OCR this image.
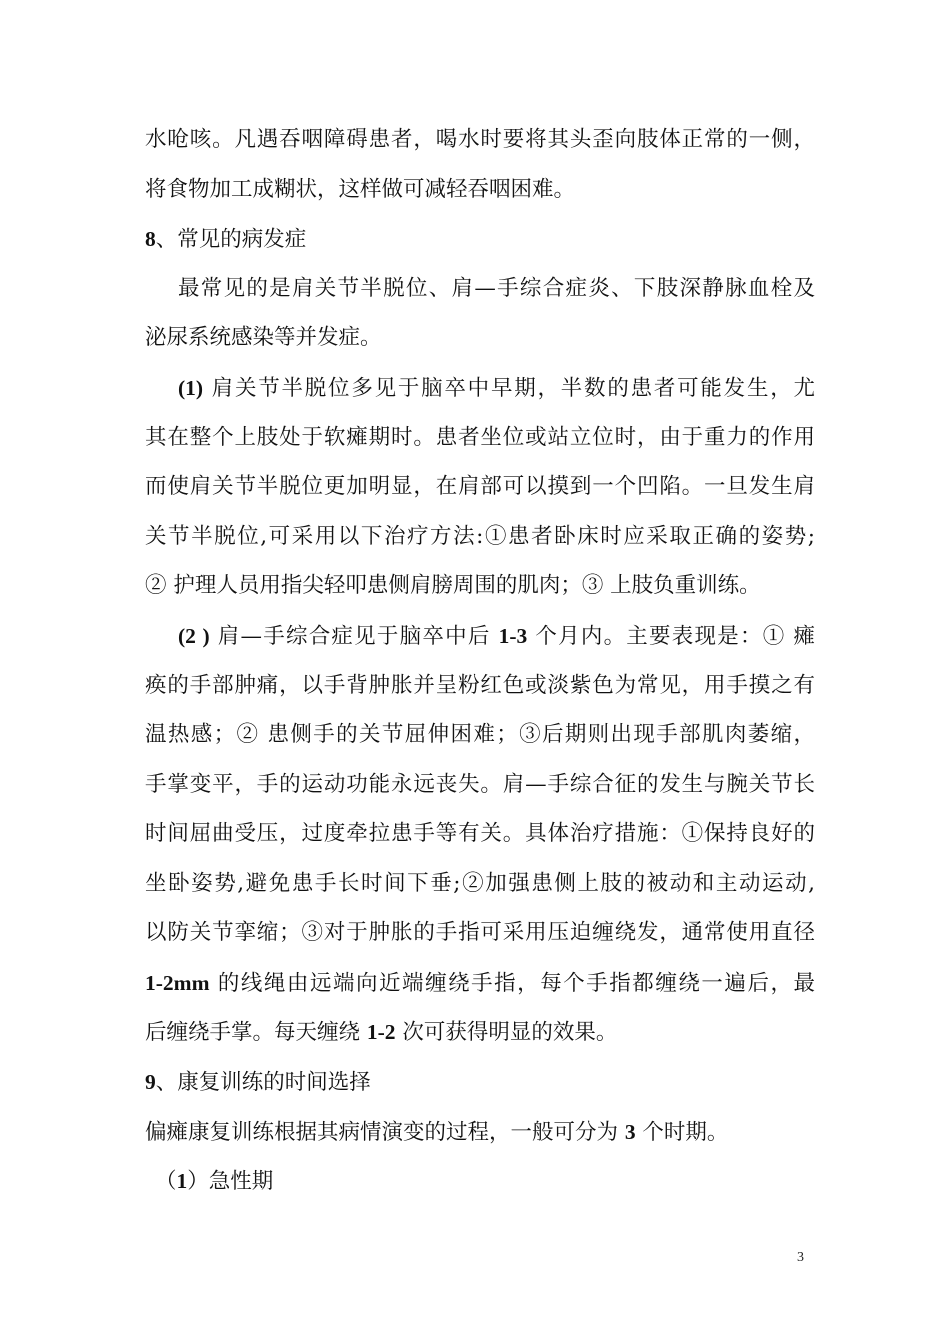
水呛咳。凡遇吞咽障碍患者，喝水时要将其头歪向肢体正常的一侧，
将食物加工成糊状，这样做可减轻吞咽困难。
8、常见的病发症
最常见的是肩关节半脱位、肩—手综合症炎、下肢深静脉血栓及
泌尿系统感染等并发症。
(1) 肩关节半脱位多见于脑卒中早期，半数的患者可能发生，尤
其在整个上肢处于软瘫期时。患者坐位或站立位时，由于重力的作用
而使肩关节半脱位更加明显，在肩部可以摸到一个凹陷。一旦发生肩
关节半脱位,可采用以下治疗方法:①患者卧床时应采取正确的姿势;
② 护理人员用指尖轻叩患侧肩膀周围的肌肉；③ 上肢负重训练。
(2 ) 肩—手综合症见于脑卒中后 1-3 个月内。主要表现是：① 瘫
痪的手部肿痛，以手背肿胀并呈粉红色或淡紫色为常见，用手摸之有
温热感；② 患侧手的关节屈伸困难；③后期则出现手部肌肉萎缩，
手掌变平，手的运动功能永远丧失。肩—手综合征的发生与腕关节长
时间屈曲受压，过度牵拉患手等有关。具体治疗措施：①保持良好的
坐卧姿势,避免患手长时间下垂;②加强患侧上肢的被动和主动运动,
以防关节挛缩；③对于肿胀的手指可采用压迫缠绕发，通常使用直径
1-2mm 的线绳由远端向近端缠绕手指，每个手指都缠绕一遍后，最
后缠绕手掌。每天缠绕 1-2 次可获得明显的效果。
9、康复训练的时间选择
偏瘫康复训练根据其病情演变的过程，一般可分为 3 个时期。
（1）急性期
3
